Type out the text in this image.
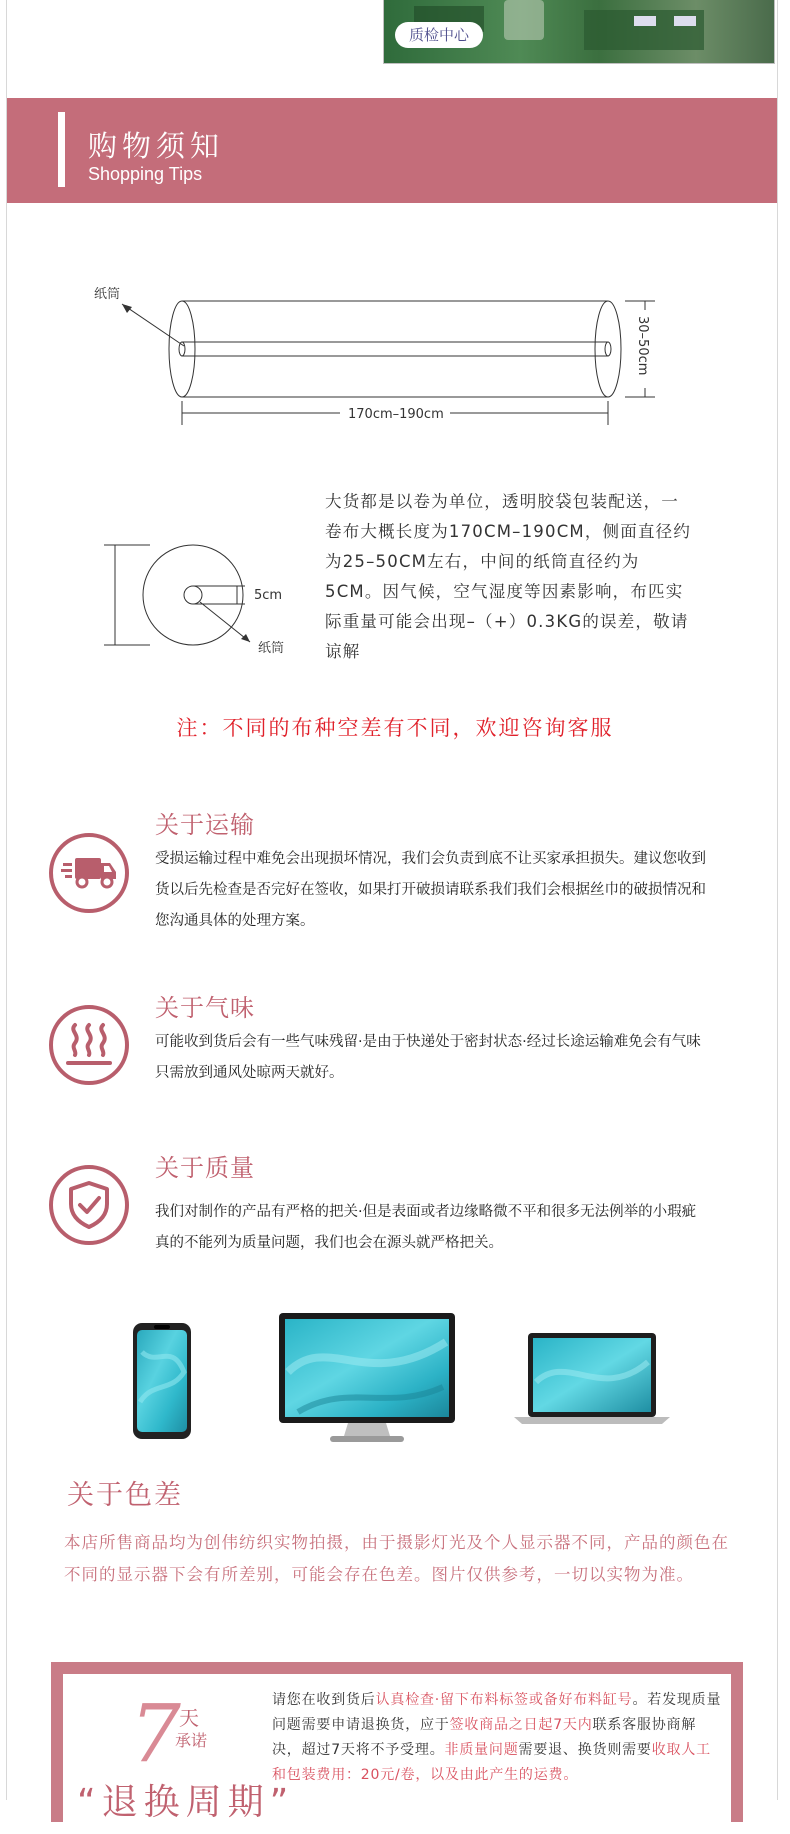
质检中心
购物须知
Shopping Tips
纸筒
170cm–190cm
30–50cm
5cm
纸筒
大货都是以卷为单位，透明胶袋包装配送，一卷布大概长度为170CM–190CM，侧面直径约为25–50CM左右，中间的纸筒直径约为5CM。因气候，空气湿度等因素影响，布匹实际重量可能会出现–（+）0.3KG的误差，敬请谅解
注：不同的布种空差有不同，欢迎咨询客服
关于运输
受损运输过程中难免会出现损坏情况，我们会负责到底不让买家承担损失。建议您收到货以后先检查是否完好在签收，如果打开破损请联系我们我们会根据丝巾的破损情况和您沟通具体的处理方案。
关于气味
可能收到货后会有一些气味残留·是由于快递处于密封状态·经过长途运输难免会有气味只需放到通风处晾两天就好。
关于质量
我们对制作的产品有严格的把关·但是表面或者边缘略微不平和很多无法例举的小瑕疵真的不能列为质量问题，我们也会在源头就严格把关。
关于色差
本店所售商品均为创伟纺织实物拍摄，由于摄影灯光及个人显示器不同，产品的颜色在不同的显示器下会有所差别，可能会存在色差。图片仅供参考，一切以实物为准。
7
天
承诺
“退换周期”
请您在收到货后认真检查·留下布料标签或备好布料缸号。若发现质量问题需要申请退换货，应于签收商品之日起7天内联系客服协商解决，超过7天将不予受理。非质量问题需要退、换货则需要收取人工和包装费用：20元/卷，以及由此产生的运费。
